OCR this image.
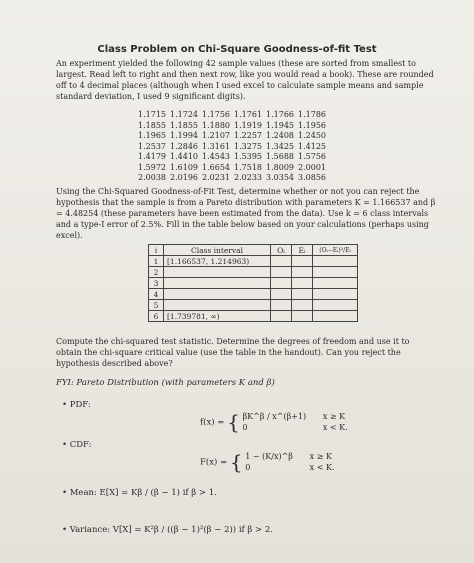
Class Problem on Chi-Square Goodness-of-fit Test

An experiment yielded the following 42 sample values (these are sorted from smallest to largest. Read left to right and then next row, like you would read a book). These are rounded off to 4 decimal places (although when I used excel to calculate sample means and sample standard deviation, I used 9 significant digits).

1.1715	1.1724	1.1756	1.1761	1.1766	1.1786
1.1855	1.1855	1.1880	1.1919	1.1945	1.1956
1.1965	1.1994	1.2107	1.2257	1.2408	1.2450
1.2537	1.2846	1.3161	1.3275	1.3425	1.4125
1.4179	1.4410	1.4543	1.5395	1.5688	1.5756
1.5972	1.6109	1.6654	1.7518	1.8009	2.0001
2.0038	2.0196	2.0231	2.0233	3.0354	3.0856

Using the Chi-Squared Goodness-of-Fit Test, determine whether or not you can reject the hypothesis that the sample is from a Pareto distribution with parameters K = 1.166537 and β = 4.48254 (these parameters have been estimated from the data). Use k = 6 class intervals and a type-I error of 2.5%. Fill in the table below based on your calculations (perhaps using excel).

i	Class interval	Oᵢ	Eᵢ	(Oᵢ−Eᵢ)²/Eᵢ
1	[1.166537, 1.214963)			
2				
3				
4				
5				
6	[1.739781, ∞)			

Compute the chi-squared test statistic. Determine the degrees of freedom and use it to obtain the chi-square critical value (use the table in the handout). Can you reject the hypothesis described above?

FYI: Pareto Distribution (with parameters K and β)
• PDF:
f(x) = { βK^β / x^(β+1)
0 x ≥ K
x < K.
• CDF:
F(x) = { 1 − (K/x)^β
0 x ≥ K
x < K.
• Mean: E[X] = Kβ / (β − 1) if β > 1.
• Variance: V[X] = K²β / ((β − 1)²(β − 2)) if β > 2.
